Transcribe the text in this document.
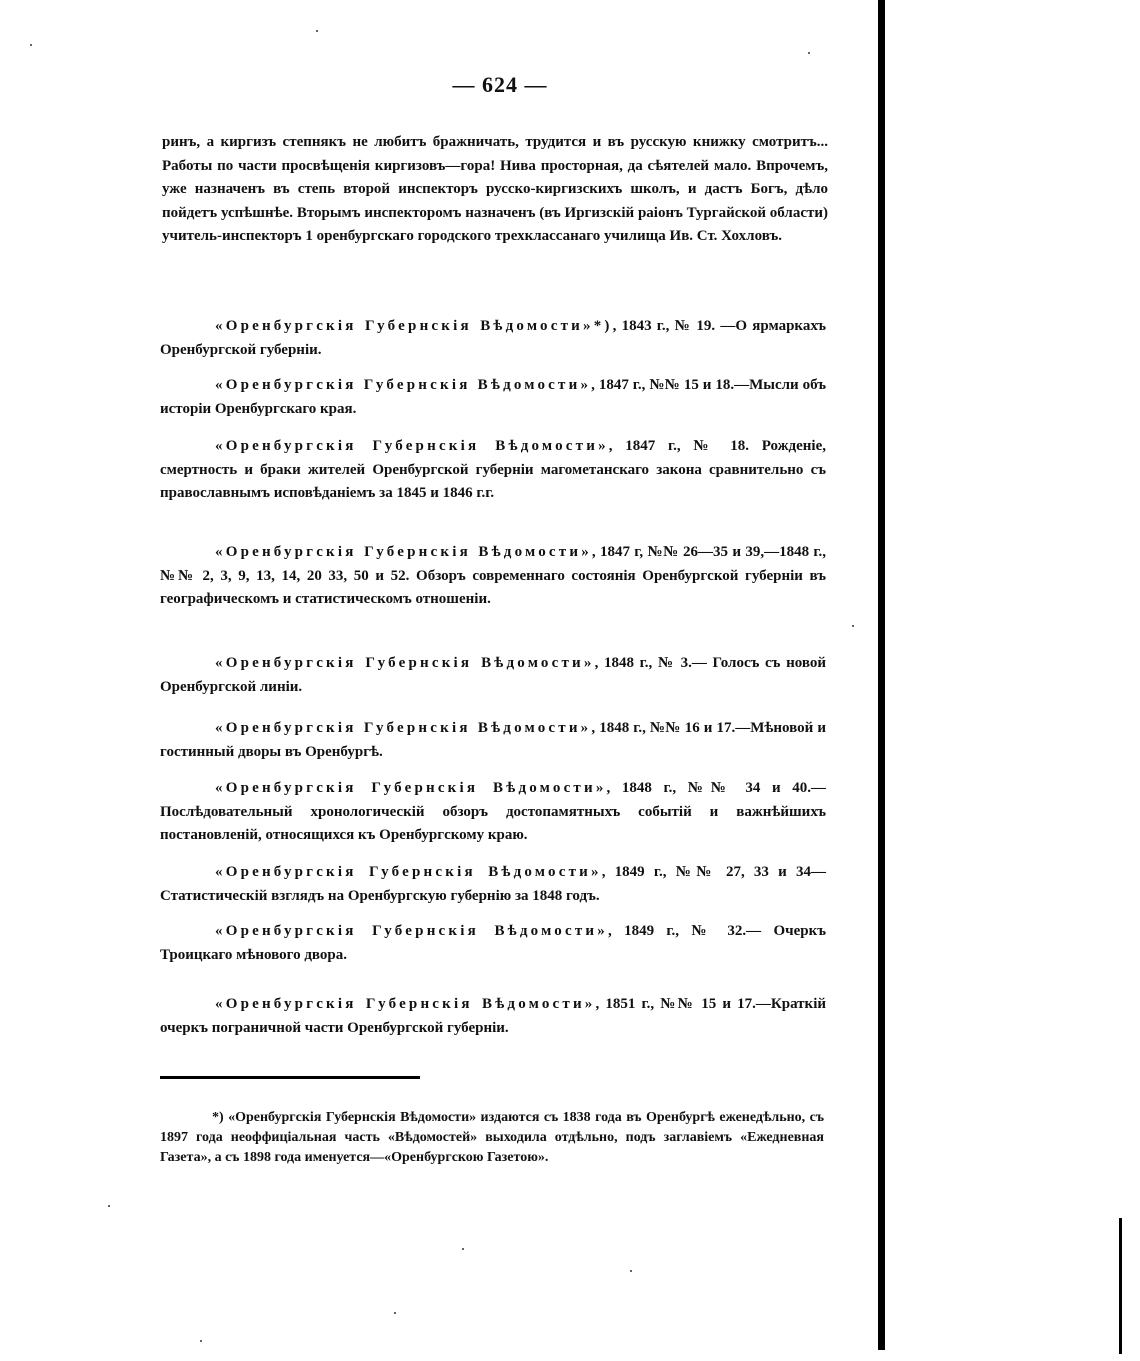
— 624 —

ринъ, а киргизъ степнякъ не любитъ бражничать, трудится и въ русскую книжку смотритъ... Работы по части просвѣщенія киргизовъ—гора! Нива просторная, да сѣятелей мало. Впрочемъ, уже назначенъ въ степь второй инспекторъ русско-киргизскихъ школъ, и дастъ Богъ, дѣло пойдетъ успѣшнѣе. Вторымъ инспекторомъ назначенъ (въ Иргизскій раіонъ Тургайской области) учитель-инспекторъ 1 оренбургскаго городского трехклассанаго училища Ив. Ст. Хохловъ.

«Оренбургскія Губернскія Вѣдомости»*), 1843 г., № 19. —О ярмаркахъ Оренбургской губерніи.

«Оренбургскія Губернскія Вѣдомости», 1847 г., №№ 15 и 18.—Мысли объ исторіи Оренбургскаго края.

«Оренбургскія Губернскія Вѣдомости», 1847 г., № 18. Рожденіе, смертность и браки жителей Оренбургской губерніи магометанскаго закона сравнительно съ православнымъ исповѣданіемъ за 1845 и 1846 г.г.

«Оренбургскія Губернскія Вѣдомости», 1847 г, №№ 26—35 и 39,—1848 г., №№ 2, 3, 9, 13, 14, 20 33, 50 и 52. Обзоръ современнаго состоянія Оренбургской губерніи въ географическомъ и статистическомъ отношеніи.

«Оренбургскія Губернскія Вѣдомости», 1848 г., № 3.— Голосъ съ новой Оренбургской линіи.

«Оренбургскія Губернскія Вѣдомости», 1848 г., №№ 16 и 17.—Мѣновой и гостинный дворы въ Оренбургѣ.

«Оренбургскія Губернскія Вѣдомости», 1848 г., №№ 34 и 40.—Послѣдовательный хронологическій обзоръ достопамятныхъ событій и важнѣйшихъ постановленій, относящихся къ Оренбургскому краю.

«Оренбургскія Губернскія Вѣдомости», 1849 г., №№ 27, 33 и 34—Статистическій взглядъ на Оренбургскую губернію за 1848 годъ.

«Оренбургскія Губернскія Вѣдомости», 1849 г., № 32.— Очеркъ Троицкаго мѣнового двора.

«Оренбургскія Губернскія Вѣдомости», 1851 г., №№ 15 и 17.—Краткій очеркъ пограничной части Оренбургской губерніи.

*) «Оренбургскія Губернскія Вѣдомости» издаются съ 1838 года въ Оренбургѣ еженедѣльно, съ 1897 года неоффиціальная часть «Вѣдомостей» выходила отдѣльно, подъ заглавіемъ «Ежедневная Газета», а съ 1898 года именуется—«Оренбургскою Газетою».
